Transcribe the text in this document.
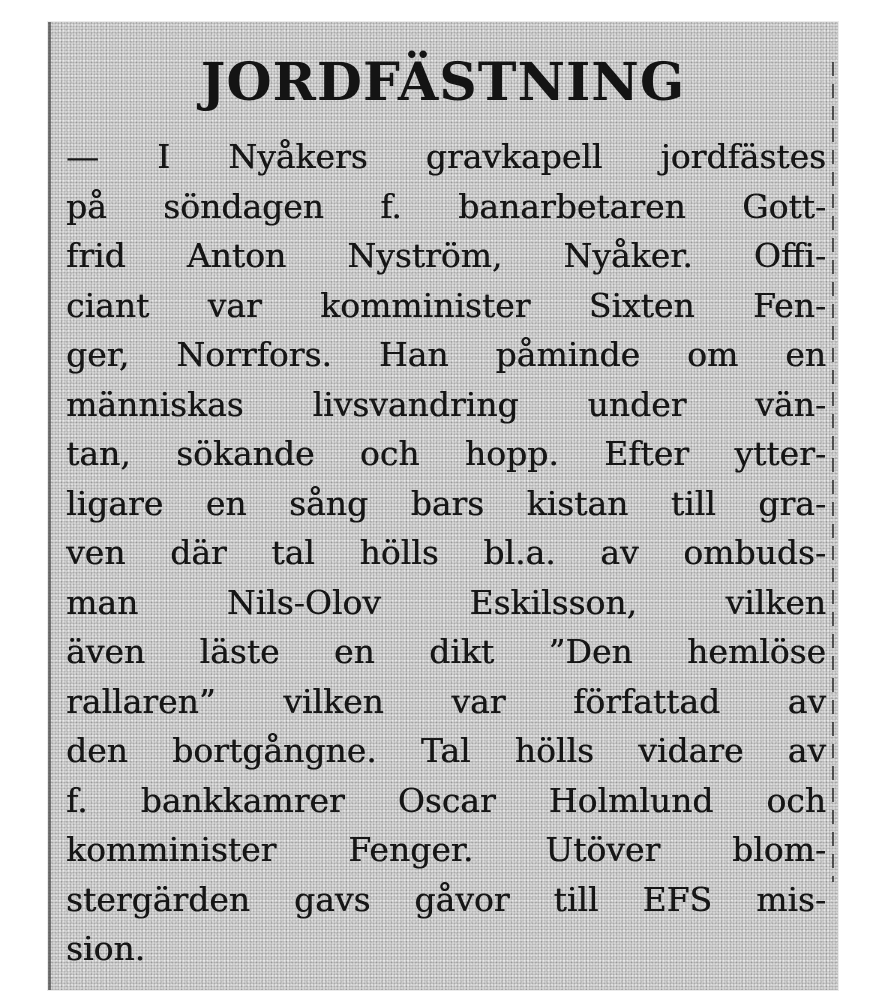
JORDFÄSTNING
— I Nyåkers gravkapell jordfästes
på söndagen f. banarbetaren Gott-
frid Anton Nyström, Nyåker. Offi-
ciant var komminister Sixten Fen-
ger, Norrfors. Han påminde om en
människas livsvandring under vän-
tan, sökande och hopp. Efter ytter-
ligare en sång bars kistan till gra-
ven där tal hölls bl.a. av ombuds-
man Nils-Olov Eskilsson, vilken
även läste en dikt ”Den hemlöse
rallaren” vilken var författad av
den bortgångne. Tal hölls vidare av
f. bankkamrer Oscar Holmlund och
komminister Fenger. Utöver blom-
stergärden gavs gåvor till EFS mis-
sion.
